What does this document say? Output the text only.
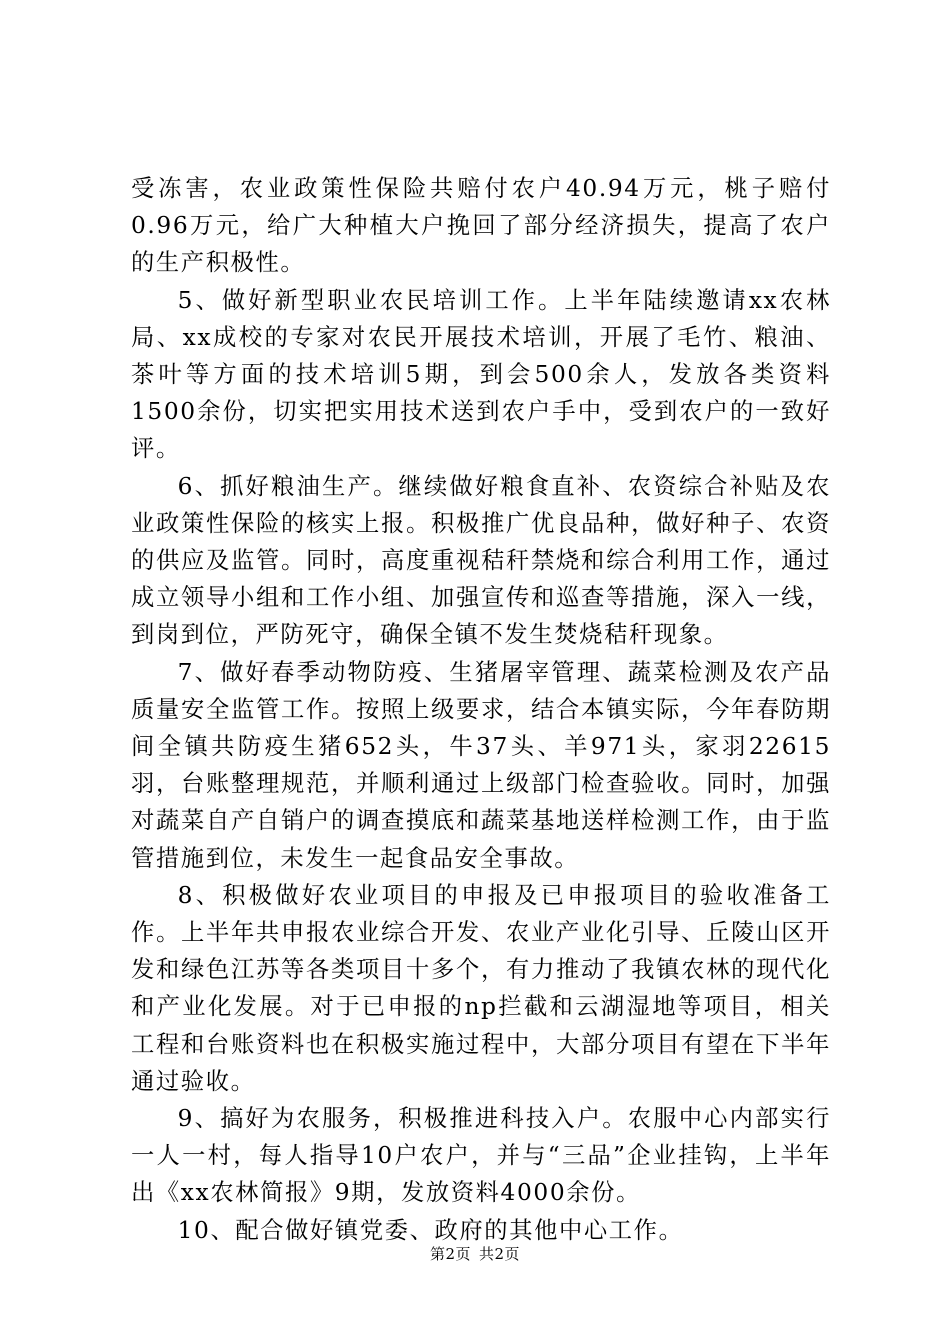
受冻害，农业政策性保险共赔付农户40.94万元，桃子赔付0.96万元，给广大种植大户挽回了部分经济损失，提高了农户的生产积极性。

5、做好新型职业农民培训工作。上半年陆续邀请xx农林局、xx成校的专家对农民开展技术培训，开展了毛竹、粮油、茶叶等方面的技术培训5期，到会500余人，发放各类资料1500余份，切实把实用技术送到农户手中，受到农户的一致好评。

6、抓好粮油生产。继续做好粮食直补、农资综合补贴及农业政策性保险的核实上报。积极推广优良品种，做好种子、农资的供应及监管。同时，高度重视秸秆禁烧和综合利用工作，通过成立领导小组和工作小组、加强宣传和巡查等措施，深入一线，到岗到位，严防死守，确保全镇不发生焚烧秸秆现象。

7、做好春季动物防疫、生猪屠宰管理、蔬菜检测及农产品质量安全监管工作。按照上级要求，结合本镇实际，今年春防期间全镇共防疫生猪652头，牛37头、羊971头，家羽22615羽，台账整理规范，并顺利通过上级部门检查验收。同时，加强对蔬菜自产自销户的调查摸底和蔬菜基地送样检测工作，由于监管措施到位，未发生一起食品安全事故。

8、积极做好农业项目的申报及已申报项目的验收准备工作。上半年共申报农业综合开发、农业产业化引导、丘陵山区开发和绿色江苏等各类项目十多个，有力推动了我镇农林的现代化和产业化发展。对于已申报的np拦截和云湖湿地等项目，相关工程和台账资料也在积极实施过程中，大部分项目有望在下半年通过验收。

9、搞好为农服务，积极推进科技入户。农服中心内部实行一人一村，每人指导10户农户，并与“三品”企业挂钩，上半年出《xx农林简报》9期，发放资料4000余份。

10、配合做好镇党委、政府的其他中心工作。

第2页 共2页
